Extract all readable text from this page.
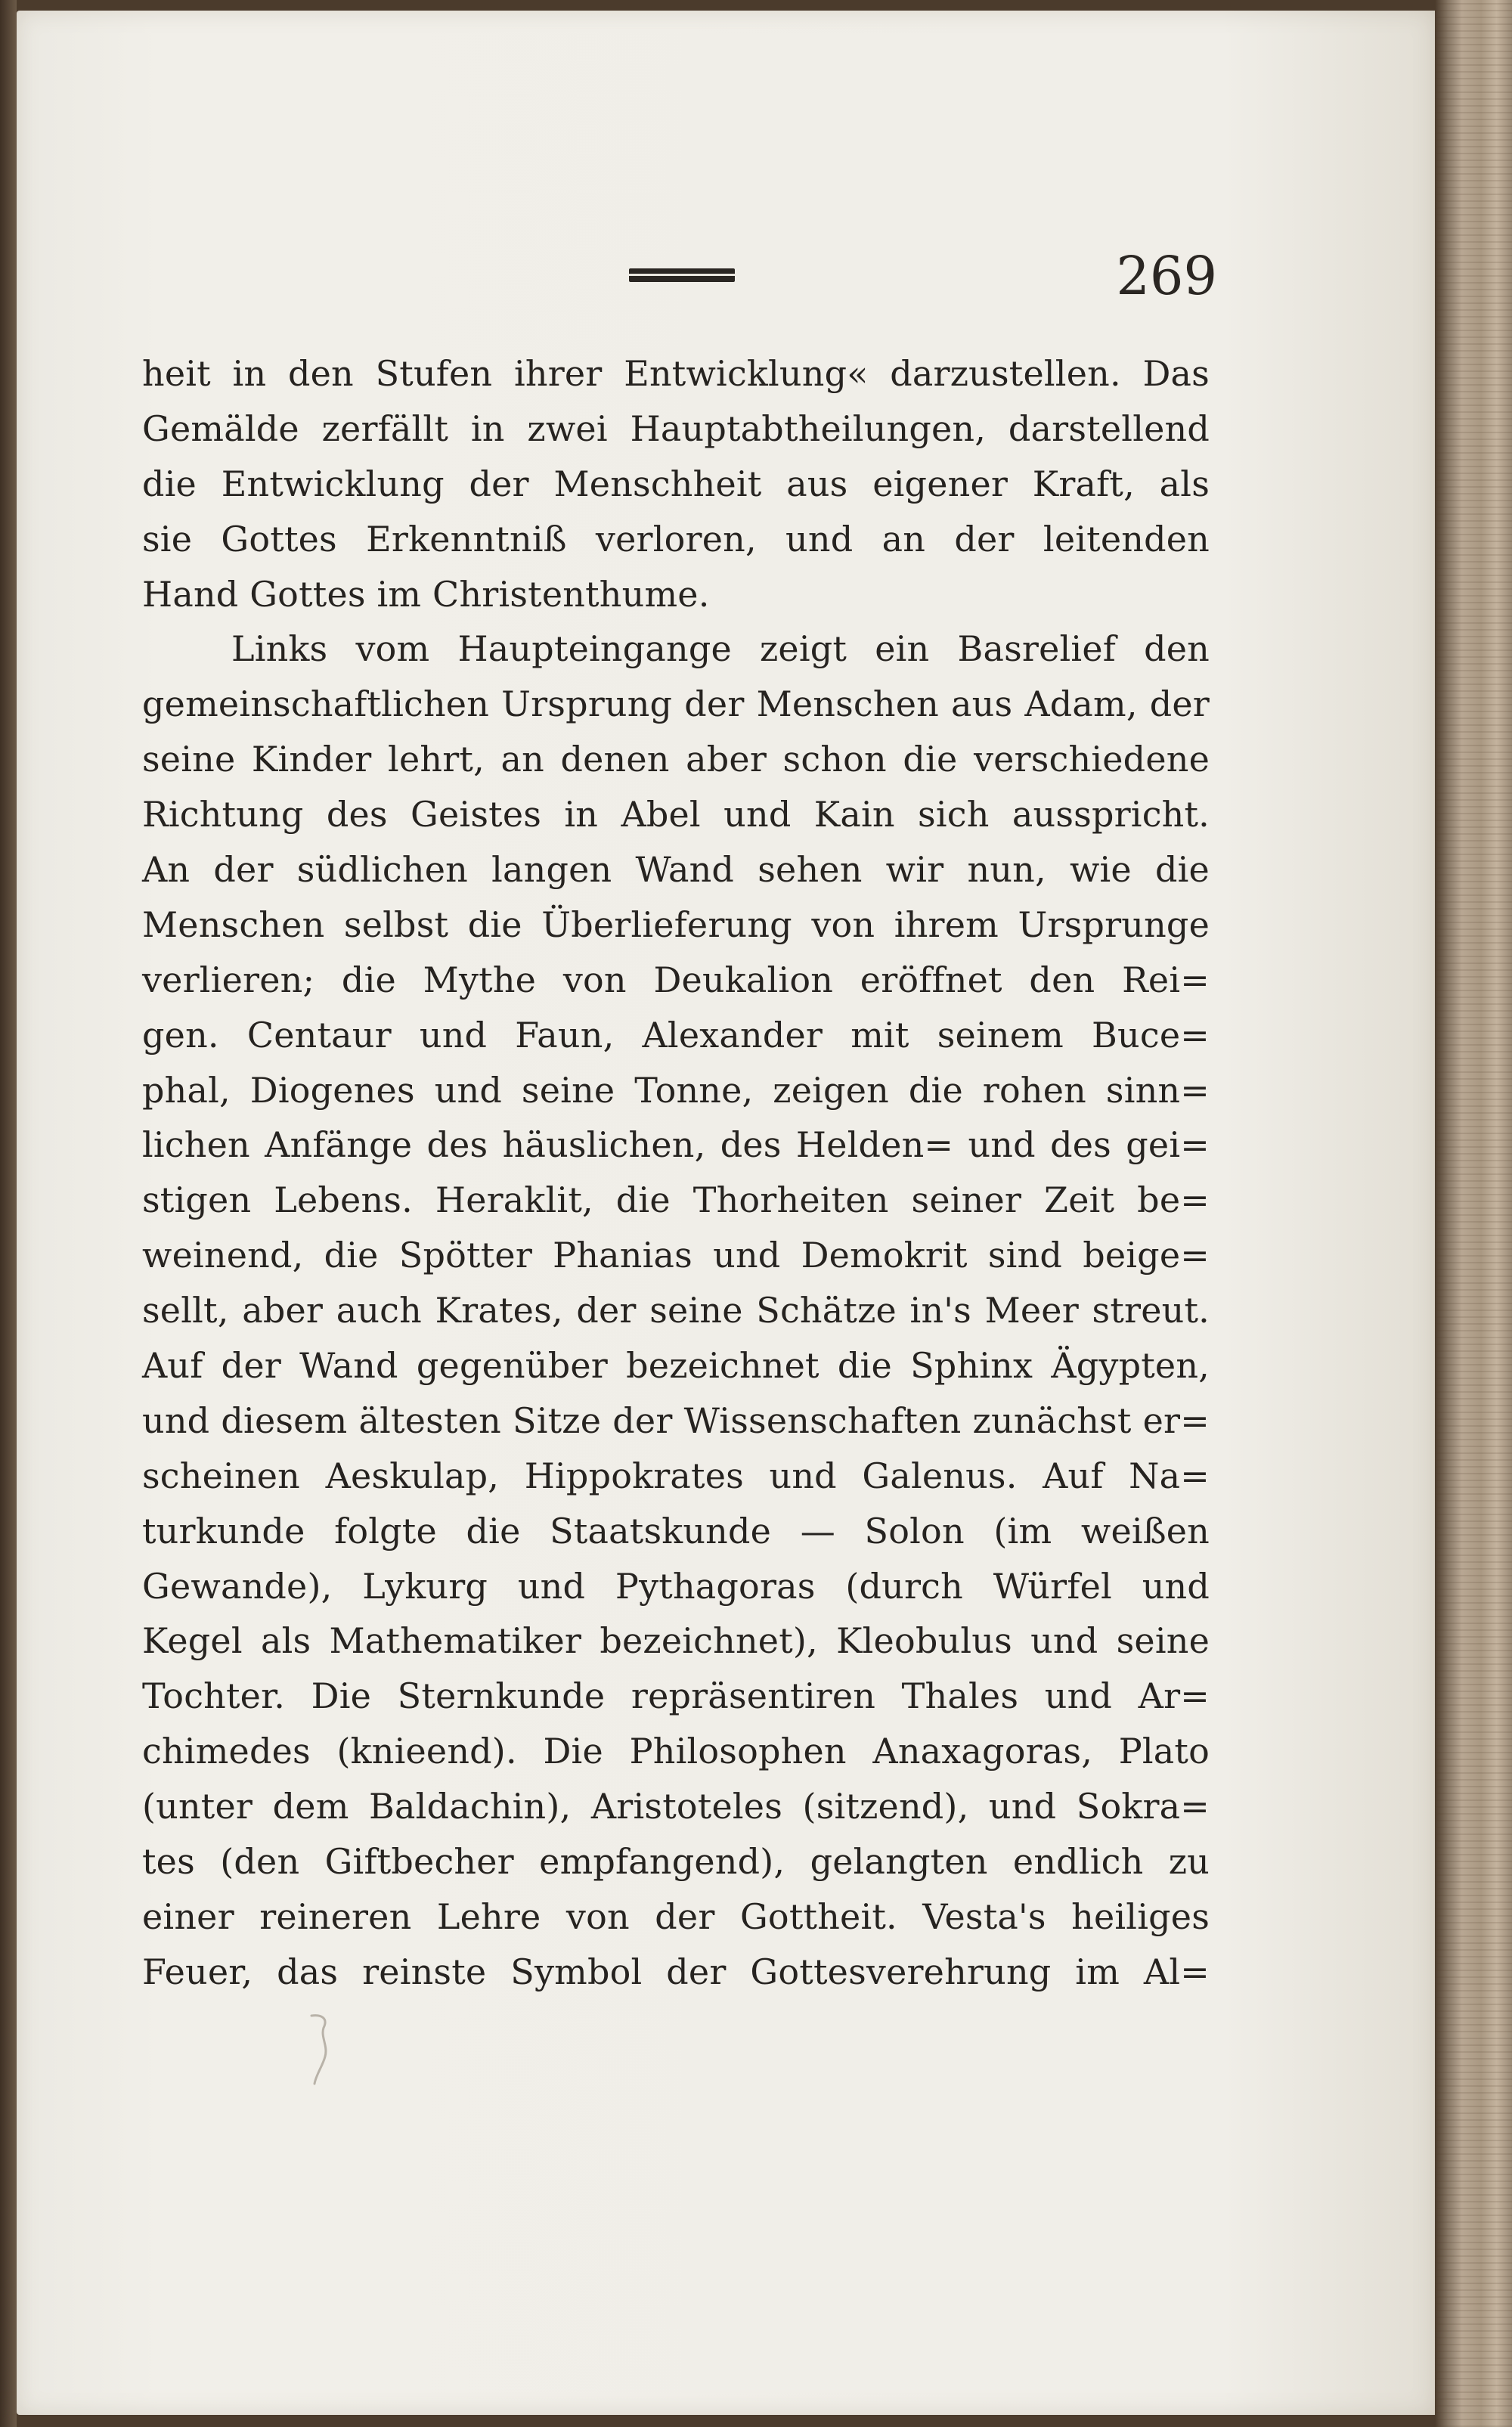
269
heit in den Stufen ihrer Entwicklung« darzustellen. Das
Gemälde zerfällt in zwei Hauptabtheilungen, darstellend
die Entwicklung der Menschheit aus eigener Kraft, als
sie Gottes Erkenntniß verloren, und an der leitenden
Hand Gottes im Christenthume.
Links vom Haupteingange zeigt ein Basrelief den
gemeinschaftlichen Ursprung der Menschen aus Adam, der
seine Kinder lehrt, an denen aber schon die verschiedene
Richtung des Geistes in Abel und Kain sich ausspricht.
An der südlichen langen Wand sehen wir nun, wie die
Menschen selbst die Überlieferung von ihrem Ursprunge
verlieren; die Mythe von Deukalion eröffnet den Rei=
gen. Centaur und Faun, Alexander mit seinem Buce=
phal, Diogenes und seine Tonne, zeigen die rohen sinn=
lichen Anfänge des häuslichen, des Helden= und des gei=
stigen Lebens. Heraklit, die Thorheiten seiner Zeit be=
weinend, die Spötter Phanias und Demokrit sind beige=
sellt, aber auch Krates, der seine Schätze in's Meer streut.
Auf der Wand gegenüber bezeichnet die Sphinx Ägypten,
und diesem ältesten Sitze der Wissenschaften zunächst er=
scheinen Aeskulap, Hippokrates und Galenus. Auf Na=
turkunde folgte die Staatskunde — Solon (im weißen
Gewande), Lykurg und Pythagoras (durch Würfel und
Kegel als Mathematiker bezeichnet), Kleobulus und seine
Tochter. Die Sternkunde repräsentiren Thales und Ar=
chimedes (knieend). Die Philosophen Anaxagoras, Plato
(unter dem Baldachin), Aristoteles (sitzend), und Sokra=
tes (den Giftbecher empfangend), gelangten endlich zu
einer reineren Lehre von der Gottheit. Vesta's heiliges
Feuer, das reinste Symbol der Gottesverehrung im Al=
